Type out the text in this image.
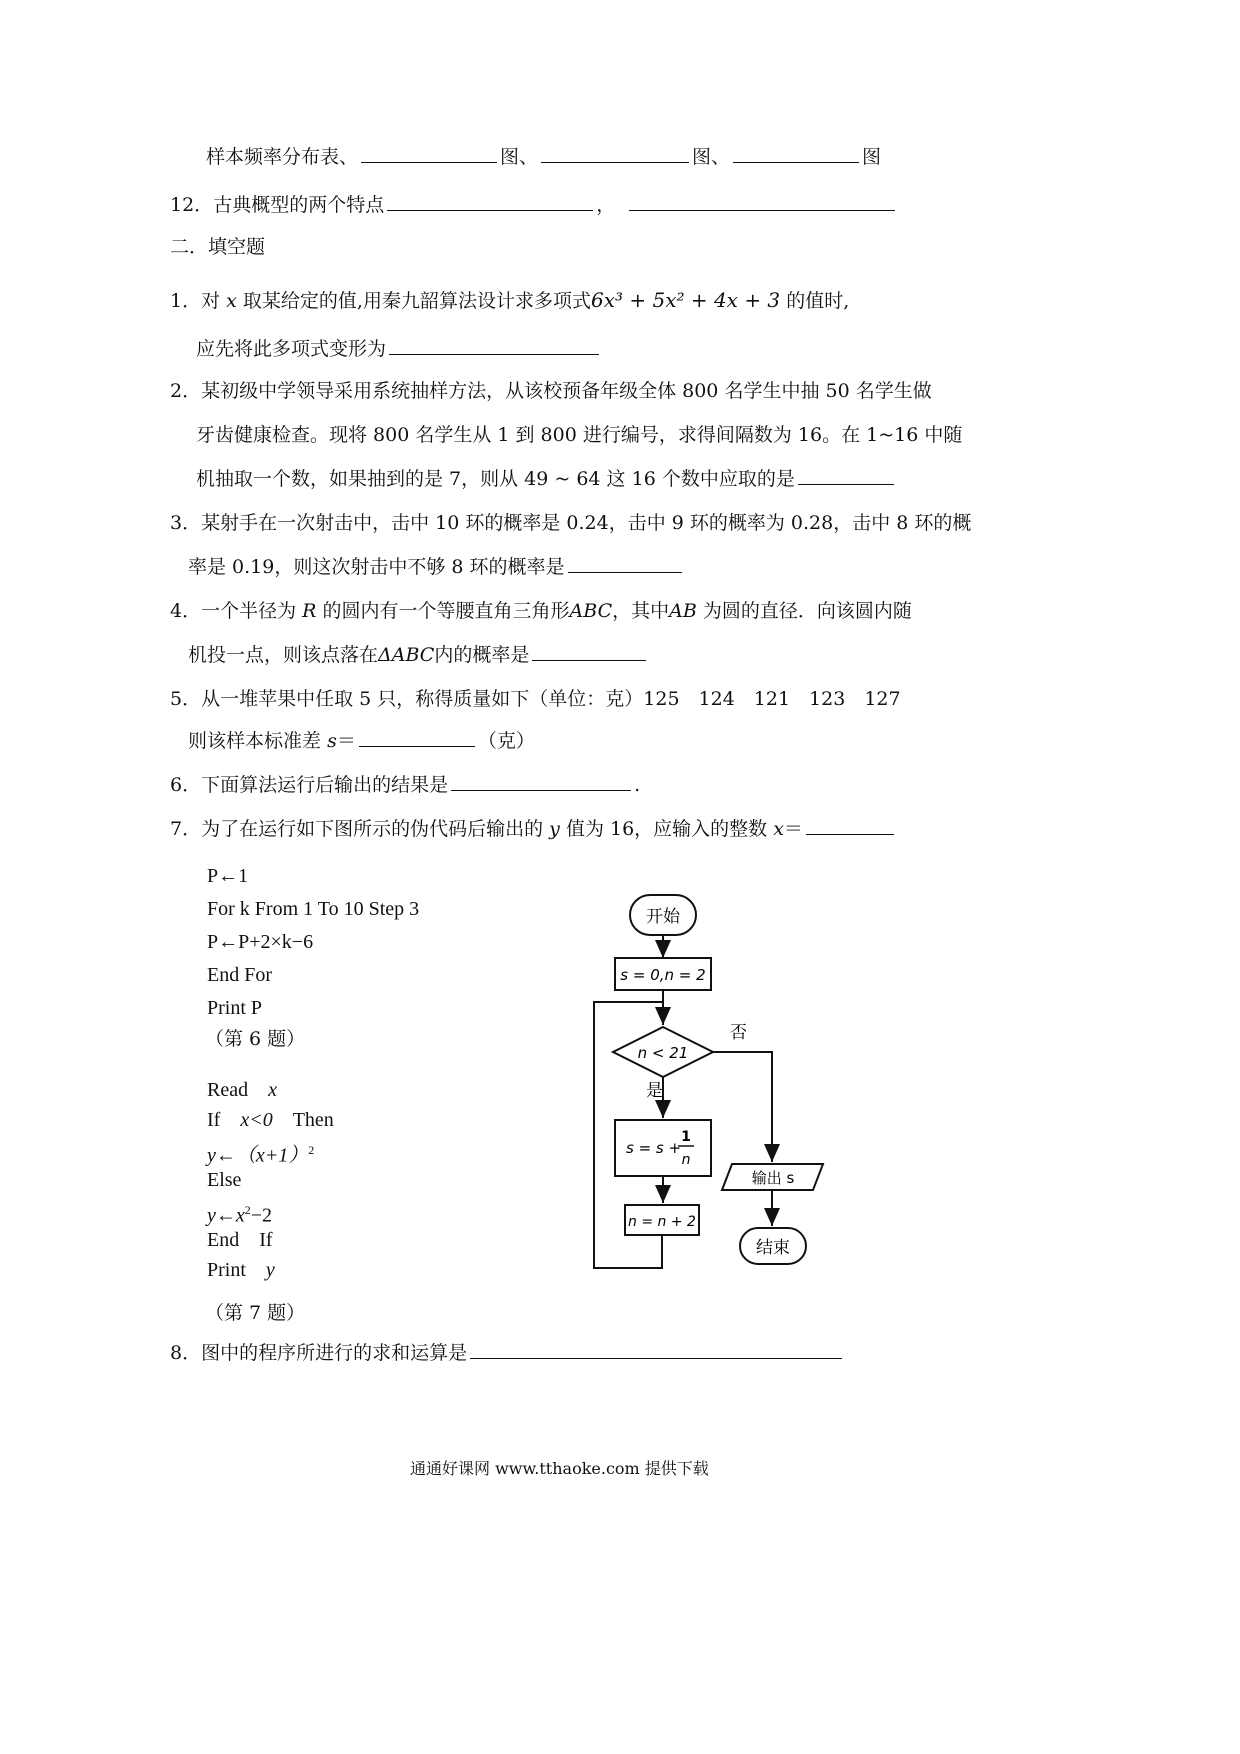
样本频率分布表、	图、	图、	图
12．古典概型的两个特点	，
二．填空题
1．对 x 取某给定的值,用秦九韶算法设计求多项式6x³ + 5x² + 4x + 3 的值时,
应先将此多项式变形为
2．某初级中学领导采用系统抽样方法，从该校预备年级全体 800 名学生中抽 50 名学生做
牙齿健康检查。现将 800 名学生从 1 到 800 进行编号，求得间隔数为 16。在 1~16 中随
机抽取一个数，如果抽到的是 7，则从 49 ~ 64 这 16 个数中应取的是
3．某射手在一次射击中，击中 10 环的概率是 0.24，击中 9 环的概率为 0.28，击中 8 环的概
率是 0.19，则这次射击中不够 8 环的概率是
4．一个半径为 R 的圆内有一个等腰直角三角形ABC，其中AB 为圆的直径．向该圆内随
机投一点，则该点落在ΔABC内的概率是
5．从一堆苹果中任取 5 只，称得质量如下（单位：克）125　124　121　123　127
则该样本标准差 s＝	（克）
6．下面算法运行后输出的结果是	.
7．为了在运行如下图所示的伪代码后输出的 y 值为 16，应输入的整数 x＝
P←1
For k From 1 To 10 Step 3
P←P+2×k−6
End For
Print P
（第 6 题）
Read　 x
If　 x<0　 Then
$y\leftarrow(x+1)^2$
Else
$y\leftarrow x^2-2$
End　If
Print　 y
（第 7 题）
开始
s = 0,n = 2
n < 21
否
是
s = s +
1
n
n = n + 2
输出 s
结束
8．图中的程序所进行的求和运算是
通通好课网 www.tthaoke.com 提供下载
